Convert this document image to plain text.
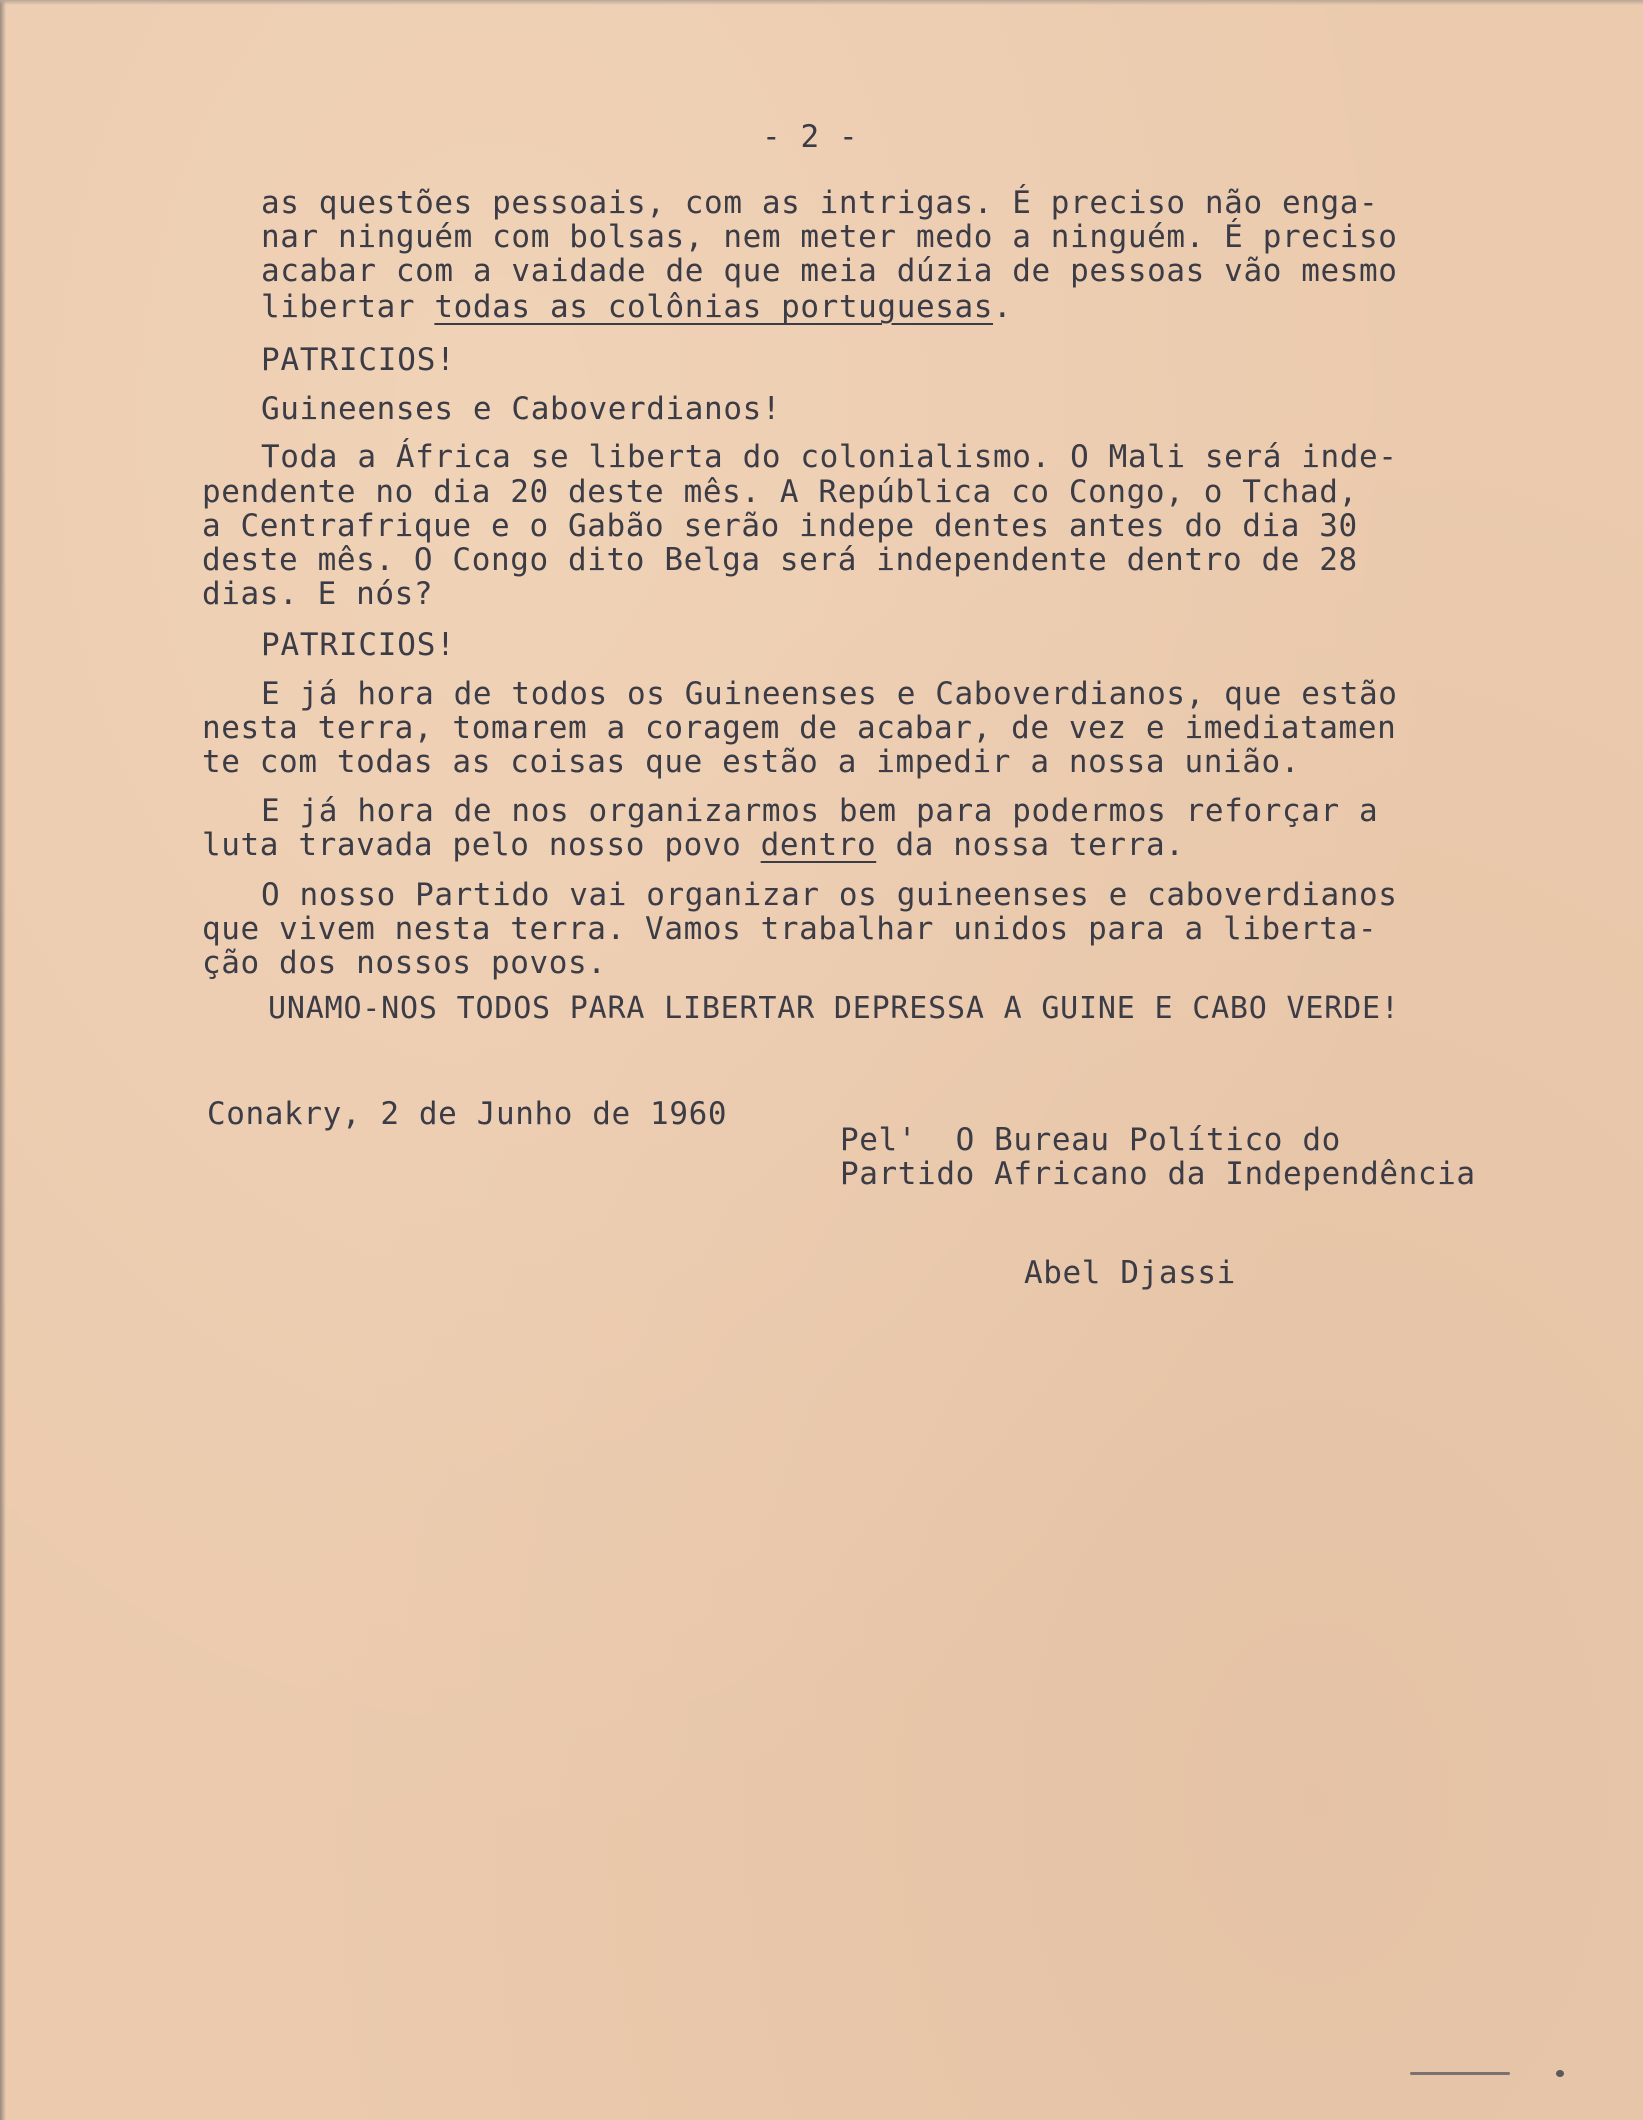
- 2 -
as questões pessoais, com as intrigas. É preciso não enga-
nar ninguém com bolsas, nem meter medo a ninguém. É preciso
acabar com a vaidade de que meia dúzia de pessoas vão mesmo
libertar todas as colônias portuguesas.
PATRICIOS!
Guineenses e Caboverdianos!
Toda a África se liberta do colonialismo. O Mali será inde-
pendente no dia 20 deste mês. A República co Congo, o Tchad,
a Centrafrique e o Gabão serão indepe dentes antes do dia 30
deste mês. O Congo dito Belga será independente dentro de 28
dias. E nós?
PATRICIOS!
E já hora de todos os Guineenses e Caboverdianos, que estão
nesta terra, tomarem a coragem de acabar, de vez e imediatamen
te com todas as coisas que estão a impedir a nossa união.
E já hora de nos organizarmos bem para podermos reforçar a
luta travada pelo nosso povo dentro da nossa terra.
O nosso Partido vai organizar os guineenses e caboverdianos
que vivem nesta terra. Vamos trabalhar unidos para a liberta-
ção dos nossos povos.
UNAMO-NOS TODOS PARA LIBERTAR DEPRESSA A GUINE E CABO VERDE!
Conakry, 2 de Junho de 1960
Pel'  O Bureau Político do
Partido Africano da Independência
Abel Djassi
